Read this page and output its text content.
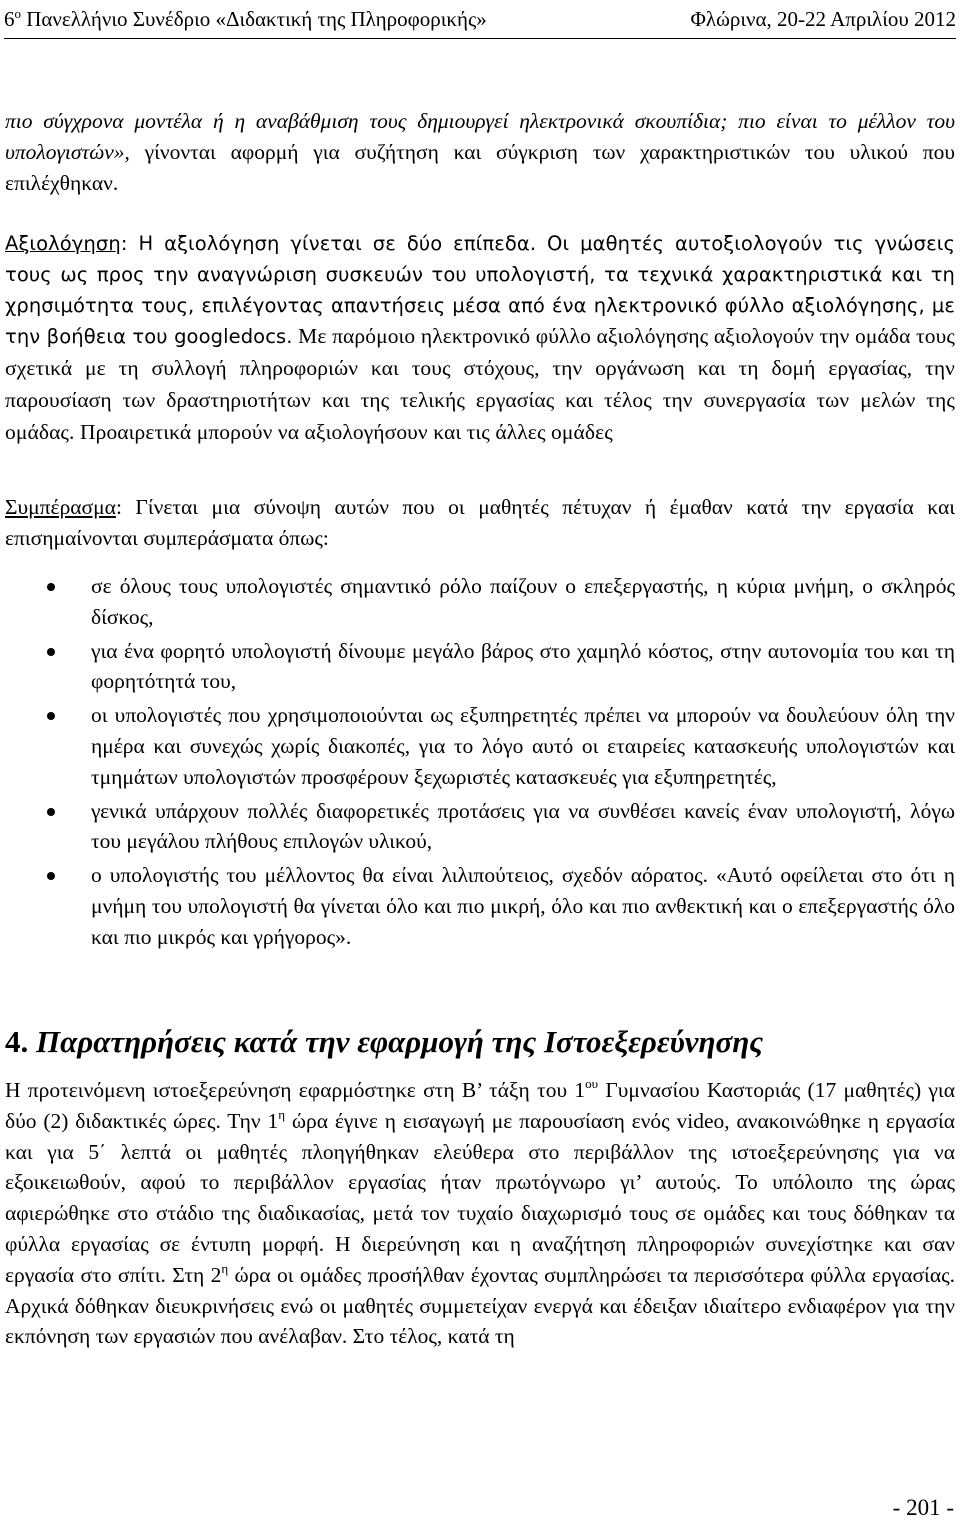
$6^o$ Πανελλήνιο Συνέδριο «Διδακτική της Πληροφορικής»	Φλώρινα, 20-22 Απριλίου 2012
πιο σύγχρονα μοντέλα ή η αναβάθμιση τους δημιουργεί ηλεκτρονικά σκουπίδια; πιο είναι το μέλλον του υπολογιστών», γίνονται αφορμή για συζήτηση και σύγκριση των χαρακτηριστικών του υλικού που επιλέχθηκαν.
Αξιολόγηση: Η αξιολόγηση γίνεται σε δύο επίπεδα. Οι μαθητές αυτοξιολογούν τις γνώσεις τους ως προς την αναγνώριση συσκευών του υπολογιστή, τα τεχνικά χαρακτηριστικά και τη χρησιμότητα τους, επιλέγοντας απαντήσεις μέσα από ένα ηλεκτρονικό φύλλο αξιολόγησης, με την βοήθεια του googledocs. Με παρόμοιο ηλεκτρονικό φύλλο αξιολόγησης αξιολογούν την ομάδα τους σχετικά με τη συλλογή πληροφοριών και τους στόχους, την οργάνωση και τη δομή εργασίας, την παρουσίαση των δραστηριοτήτων και της τελικής εργασίας και τέλος την συνεργασία των μελών της ομάδας. Προαιρετικά μπορούν να αξιολογήσουν και τις άλλες ομάδες
Συμπέρασμα: Γίνεται μια σύνοψη αυτών που οι μαθητές πέτυχαν ή έμαθαν κατά την εργασία και επισημαίνονται συμπεράσματα όπως:
σε όλους τους υπολογιστές σημαντικό ρόλο παίζουν ο επεξεργαστής, η κύρια μνήμη, ο σκληρός δίσκος,
για ένα φορητό υπολογιστή δίνουμε μεγάλο βάρος στο χαμηλό κόστος, στην αυτονομία του και τη φορητότητά του,
οι υπολογιστές που χρησιμοποιούνται ως εξυπηρετητές πρέπει να μπορούν να δουλεύουν όλη την ημέρα και συνεχώς χωρίς διακοπές, για το λόγο αυτό οι εταιρείες κατασκευής υπολογιστών και τμημάτων υπολογιστών προσφέρουν ξεχωριστές κατασκευές για εξυπηρετητές,
γενικά υπάρχουν πολλές διαφορετικές προτάσεις για να συνθέσει κανείς έναν υπολογιστή, λόγω του μεγάλου πλήθους επιλογών υλικού,
ο υπολογιστής του μέλλοντος θα είναι λιλιπούτειος, σχεδόν αόρατος. «Αυτό οφείλεται στο ότι η μνήμη του υπολογιστή θα γίνεται όλο και πιο μικρή, όλο και πιο ανθεκτική και ο επεξεργαστής όλο και πιο μικρός και γρήγορος».
4. Παρατηρήσεις κατά την εφαρμογή της Ιστοεξερεύνησης
Η προτεινόμενη ιστοεξερεύνηση εφαρμόστηκε στη Β’ τάξη του $1^{o\upsilon}$ Γυμνασίου Καστοριάς (17 μαθητές) για δύο (2) διδακτικές ώρες. Την $1^\eta$ ώρα έγινε η εισαγωγή με παρουσίαση ενός video, ανακοινώθηκε η εργασία και για 5΄ λεπτά οι μαθητές πλοηγήθηκαν ελεύθερα στο περιβάλλον της ιστοεξερεύνησης για να εξοικειωθούν, αφού το περιβάλλον εργασίας ήταν πρωτόγνωρο γι’ αυτούς. Το υπόλοιπο της ώρας αφιερώθηκε στο στάδιο της διαδικασίας, μετά τον τυχαίο διαχωρισμό τους σε ομάδες και τους δόθηκαν τα φύλλα εργασίας σε έντυπη μορφή. Η διερεύνηση και η αναζήτηση πληροφοριών συνεχίστηκε και σαν εργασία στο σπίτι. Στη $2^\eta$ ώρα οι ομάδες προσήλθαν έχοντας συμπληρώσει τα περισσότερα φύλλα εργασίας. Αρχικά δόθηκαν διευκρινήσεις ενώ οι μαθητές συμμετείχαν ενεργά και έδειξαν ιδιαίτερο ενδιαφέρον για την εκπόνηση των εργασιών που ανέλαβαν. Στο τέλος, κατά τη
- 201 -
